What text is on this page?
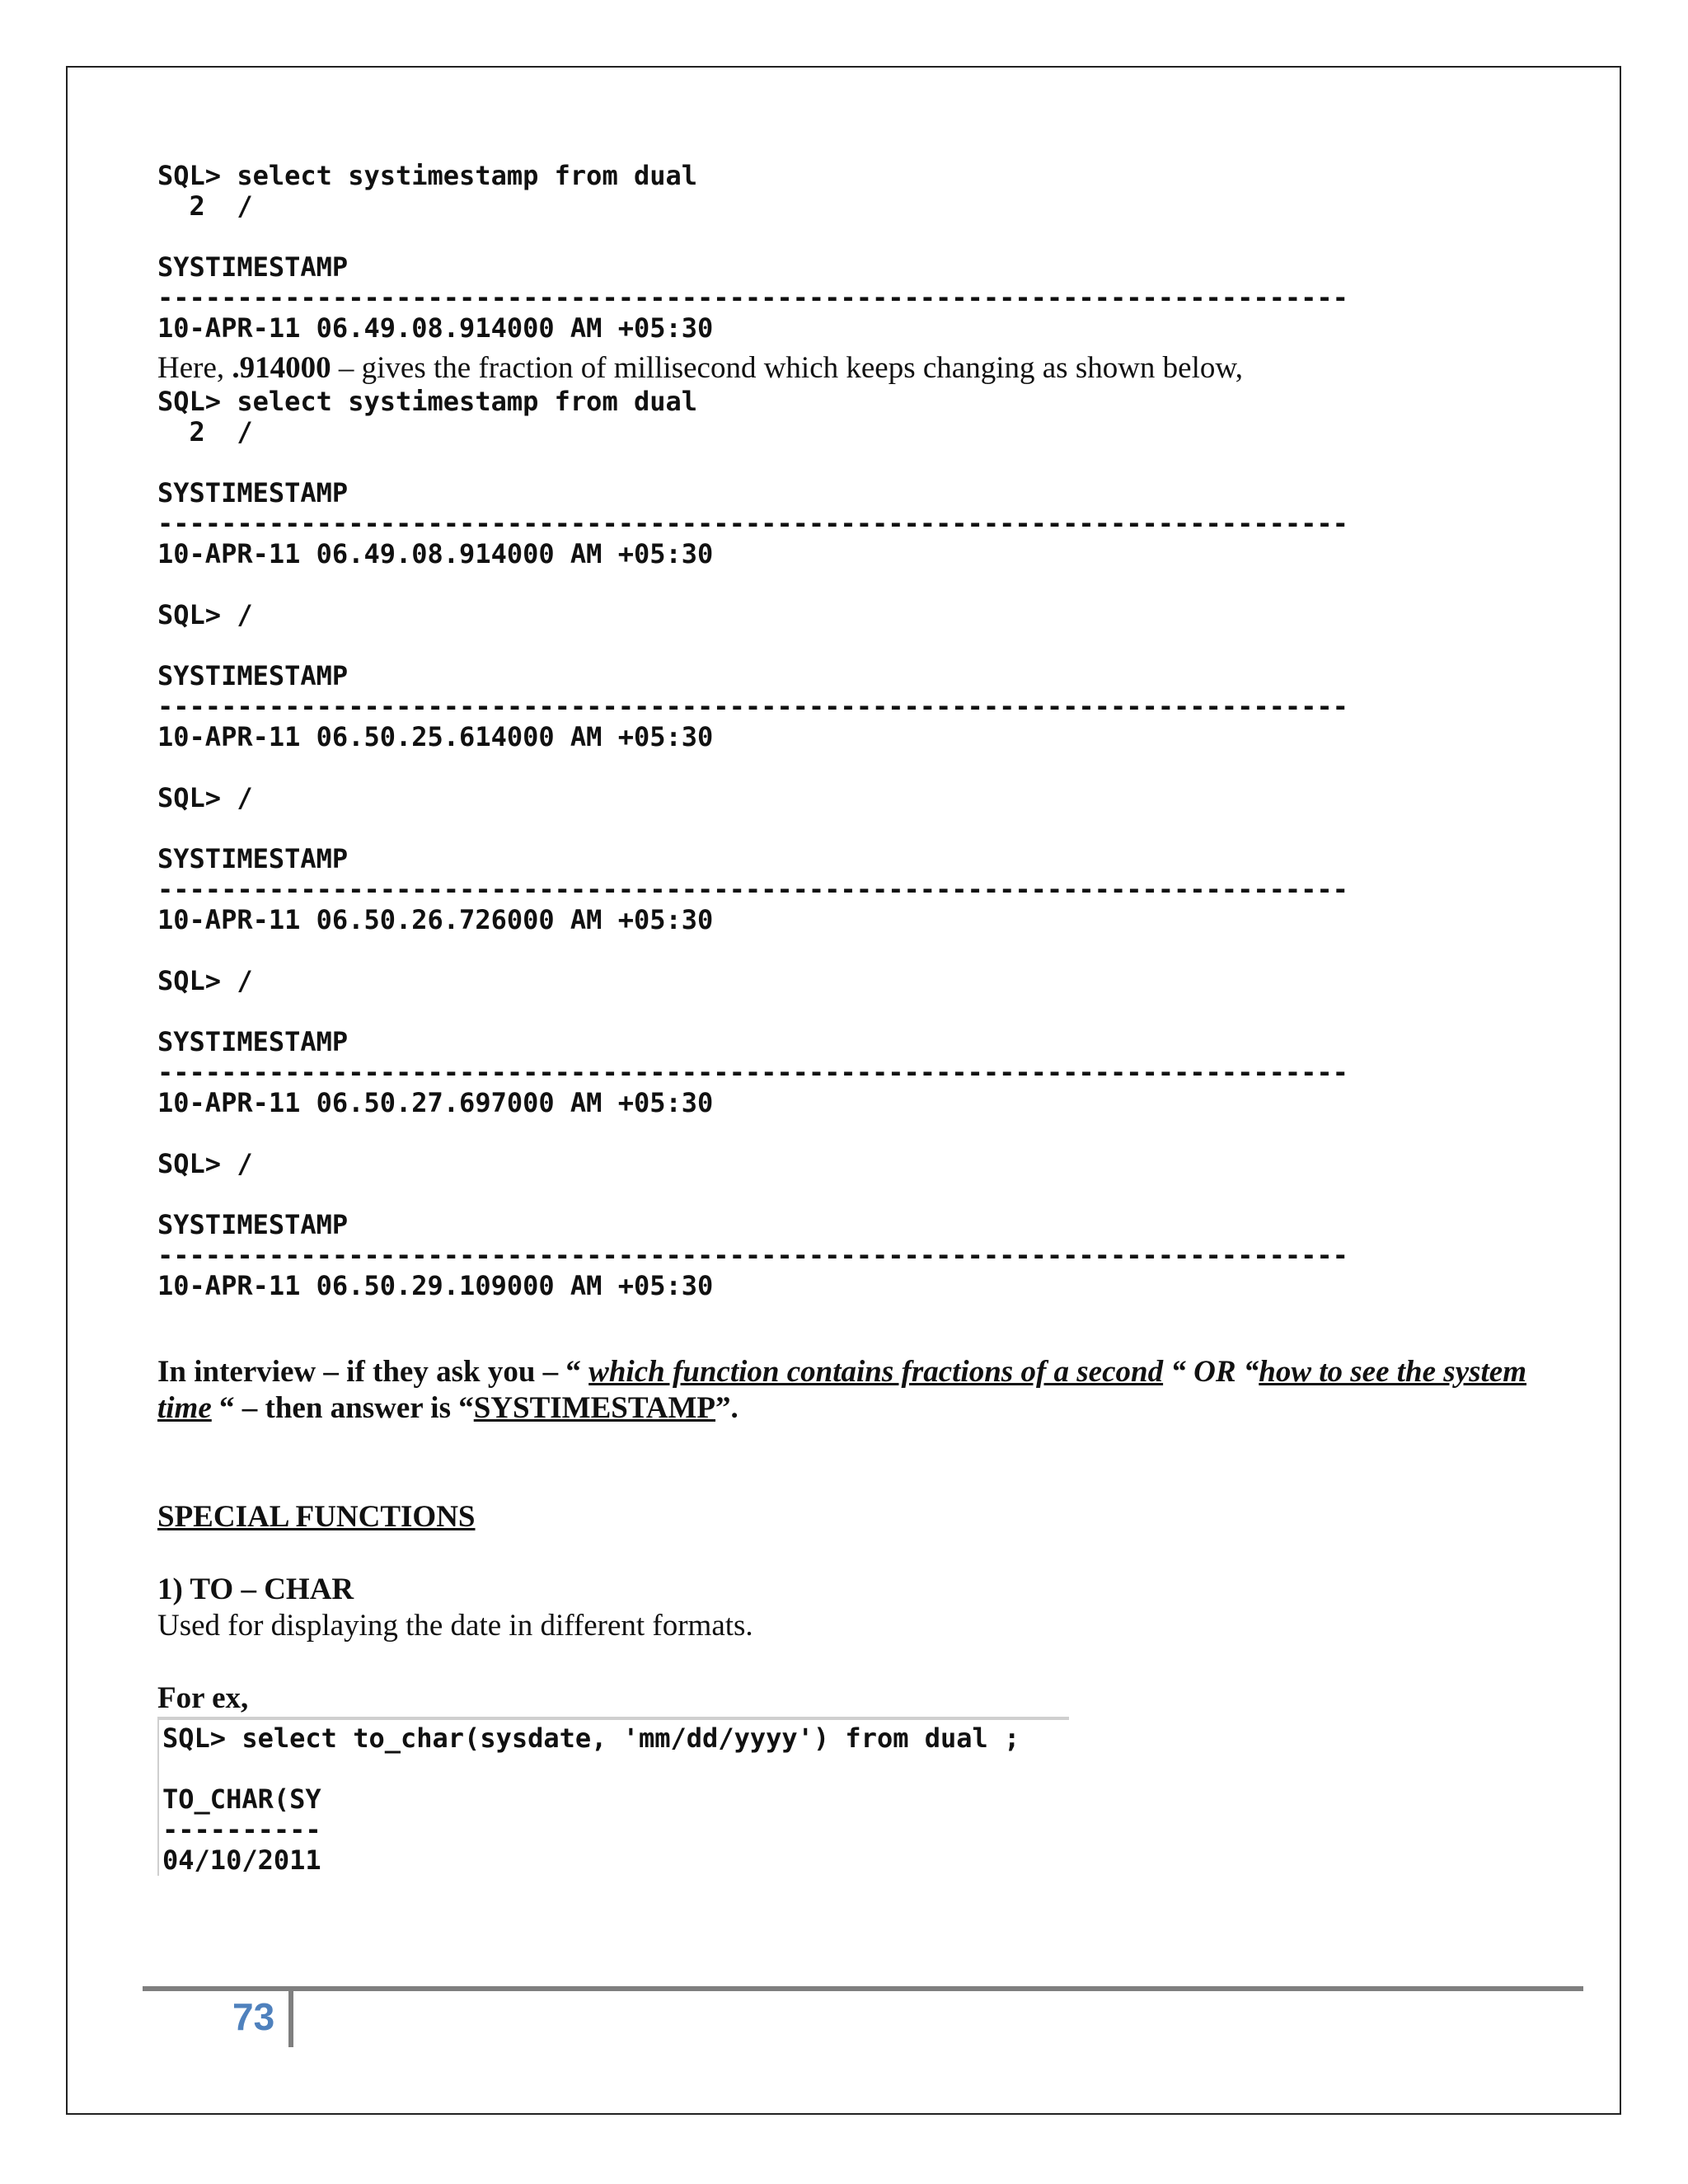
SQL> select systimestamp from dual

2  /

SYSTIMESTAMP

---------------------------------------------------------------------------

10-APR-11 06.49.08.914000 AM +05:30

Here, .914000 – gives the fraction of millisecond which keeps changing as shown below,

SQL> select systimestamp from dual

2  /

SYSTIMESTAMP

---------------------------------------------------------------------------

10-APR-11 06.49.08.914000 AM +05:30

SQL> /

SYSTIMESTAMP

---------------------------------------------------------------------------

10-APR-11 06.50.25.614000 AM +05:30

SQL> /

SYSTIMESTAMP

---------------------------------------------------------------------------

10-APR-11 06.50.26.726000 AM +05:30

SQL> /

SYSTIMESTAMP

---------------------------------------------------------------------------

10-APR-11 06.50.27.697000 AM +05:30

SQL> /

SYSTIMESTAMP

---------------------------------------------------------------------------

10-APR-11 06.50.29.109000 AM +05:30

In interview – if they ask you – “ which function contains fractions of a second “ OR “how to see the system time “ – then answer is “SYSTIMESTAMP”.

SPECIAL FUNCTIONS

1) TO – CHAR

Used for displaying the date in different formats.

For ex,

SQL> select to_char(sysdate, 'mm/dd/yyyy') from dual ;

TO_CHAR(SY

----------

04/10/2011

73
